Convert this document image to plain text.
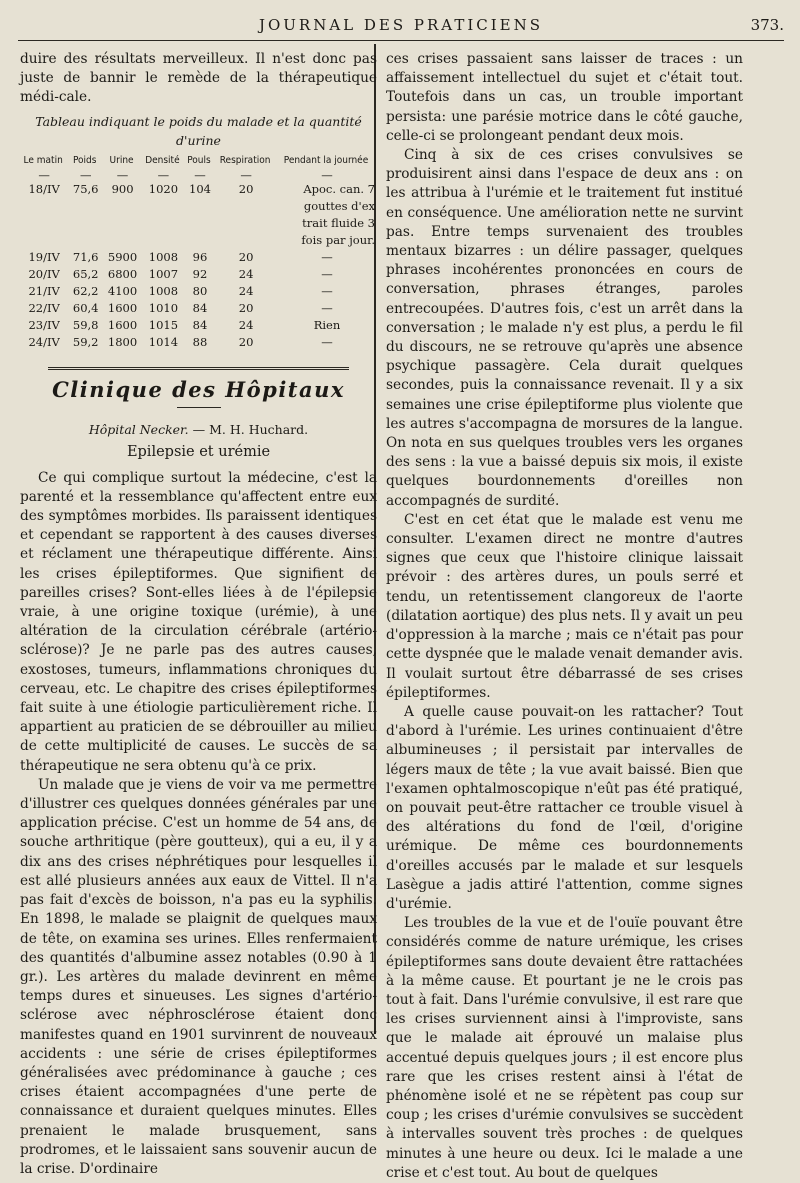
JOURNAL DES PRATICIENS	373.

duire des résultats merveilleux. Il n'est donc pas juste de bannir le remède de la thérapeutique médi-cale.

Tableau indiquant le poids du malade et la quantité d'urine
Le matin	Poids	Urine	Densité	Pouls	Respiration	Pendant la journée
—	—	—	—	—	—	—
18/IV	75,6	900	1020	104	20	Apoc. can. 7 gouttes d'ex trait fluide 3 fois par jour.
19/IV	71,6	5900	1008	96	20	—
20/IV	65,2	6800	1007	92	24	—
21/IV	62,2	4100	1008	80	24	—
22/IV	60,4	1600	1010	84	20	—
23/IV	59,8	1600	1015	84	24	Rien
24/IV	59,2	1800	1014	88	20	—
Clinique des Hôpitaux
Hôpital Necker. — M. H. Huchard.
Epilepsie et urémie

Ce qui complique surtout la médecine, c'est la parenté et la ressemblance qu'affectent entre eux des symptômes morbides. Ils paraissent identiques et cependant se rapportent à des causes diverses et réclament une thérapeutique différente. Ainsi les crises épileptiformes. Que signifient de pareilles crises? Sont-elles liées à de l'épilepsie vraie, à une origine toxique (urémie), à une altération de la circulation cérébrale (artério-sclérose)? Je ne parle pas des autres causes, exostoses, tumeurs, inflammations chroniques du cerveau, etc. Le chapitre des crises épileptiformes fait suite à une étiologie particulièrement riche. Il appartient au praticien de se débrouiller au milieu de cette multiplicité de causes. Le succès de sa thérapeutique ne sera obtenu qu'à ce prix.

Un malade que je viens de voir va me permettre d'illustrer ces quelques données générales par une application précise. C'est un homme de 54 ans, de souche arthritique (père goutteux), qui a eu, il y a dix ans des crises néphrétiques pour lesquelles il est allé plusieurs années aux eaux de Vittel. Il n'a pas fait d'excès de boisson, n'a pas eu la syphilis. En 1898, le malade se plaignit de quelques maux de tête, on examina ses urines. Elles renfermaient des quantités d'albumine assez notables (0.90 à 1 gr.). Les artères du malade devinrent en même temps dures et sinueuses. Les signes d'artério-sclérose avec néphrosclérose étaient donc manifestes quand en 1901 survinrent de nouveaux accidents : une série de crises épileptiformes généralisées avec prédominance à gauche ; ces crises étaient accompagnées d'une perte de connaissance et duraient quelques minutes. Elles prenaient le malade brusquement, sans prodromes, et le laissaient sans souvenir aucun de la crise. D'ordinaire

ces crises passaient sans laisser de traces : un affaissement intellectuel du sujet et c'était tout. Toutefois dans un cas, un trouble important persista: une parésie motrice dans le côté gauche, celle-ci se prolongeant pendant deux mois.

Cinq à six de ces crises convulsives se produisirent ainsi dans l'espace de deux ans : on les attribua à l'urémie et le traitement fut institué en conséquence. Une amélioration nette ne survint pas. Entre temps survenaient des troubles mentaux bizarres : un délire passager, quelques phrases incohérentes prononcées en cours de conversation, phrases étranges, paroles entrecoupées. D'autres fois, c'est un arrêt dans la conversation ; le malade n'y est plus, a perdu le fil du discours, ne se retrouve qu'après une absence psychique passagère. Cela durait quelques secondes, puis la connaissance revenait. Il y a six semaines une crise épileptiforme plus violente que les autres s'accompagna de morsures de la langue. On nota en sus quelques troubles vers les organes des sens : la vue a baissé depuis six mois, il existe quelques bourdonnements d'oreilles non accompagnés de surdité.

C'est en cet état que le malade est venu me consulter. L'examen direct ne montre d'autres signes que ceux que l'histoire clinique laissait prévoir : des artères dures, un pouls serré et tendu, un retentissement clangoreux de l'aorte (dilatation aortique) des plus nets. Il y avait un peu d'oppression à la marche ; mais ce n'était pas pour cette dyspnée que le malade venait demander avis. Il voulait surtout être débarrassé de ses crises épileptiformes.

A quelle cause pouvait-on les rattacher? Tout d'abord à l'urémie. Les urines continuaient d'être albumineuses ; il persistait par intervalles de légers maux de tête ; la vue avait baissé. Bien que l'examen ophtalmoscopique n'eût pas été pratiqué, on pouvait peut-être rattacher ce trouble visuel à des altérations du fond de l'œil, d'origine urémique. De même ces bourdonnements d'oreilles accusés par le malade et sur lesquels Lasègue a jadis attiré l'attention, comme signes d'urémie.

Les troubles de la vue et de l'ouïe pouvant être considérés comme de nature urémique, les crises épileptiformes sans doute devaient être rattachées à la même cause. Et pourtant je ne le crois pas tout à fait. Dans l'urémie convulsive, il est rare que les crises surviennent ainsi à l'improviste, sans que le malade ait éprouvé un malaise plus accentué depuis quelques jours ; il est encore plus rare que les crises restent ainsi à l'état de phénomène isolé et ne se répètent pas coup sur coup ; les crises d'urémie convulsives se succèdent à intervalles souvent très proches : de quelques minutes à une heure ou deux. Ici le malade a une crise et c'est tout. Au bout de quelques
